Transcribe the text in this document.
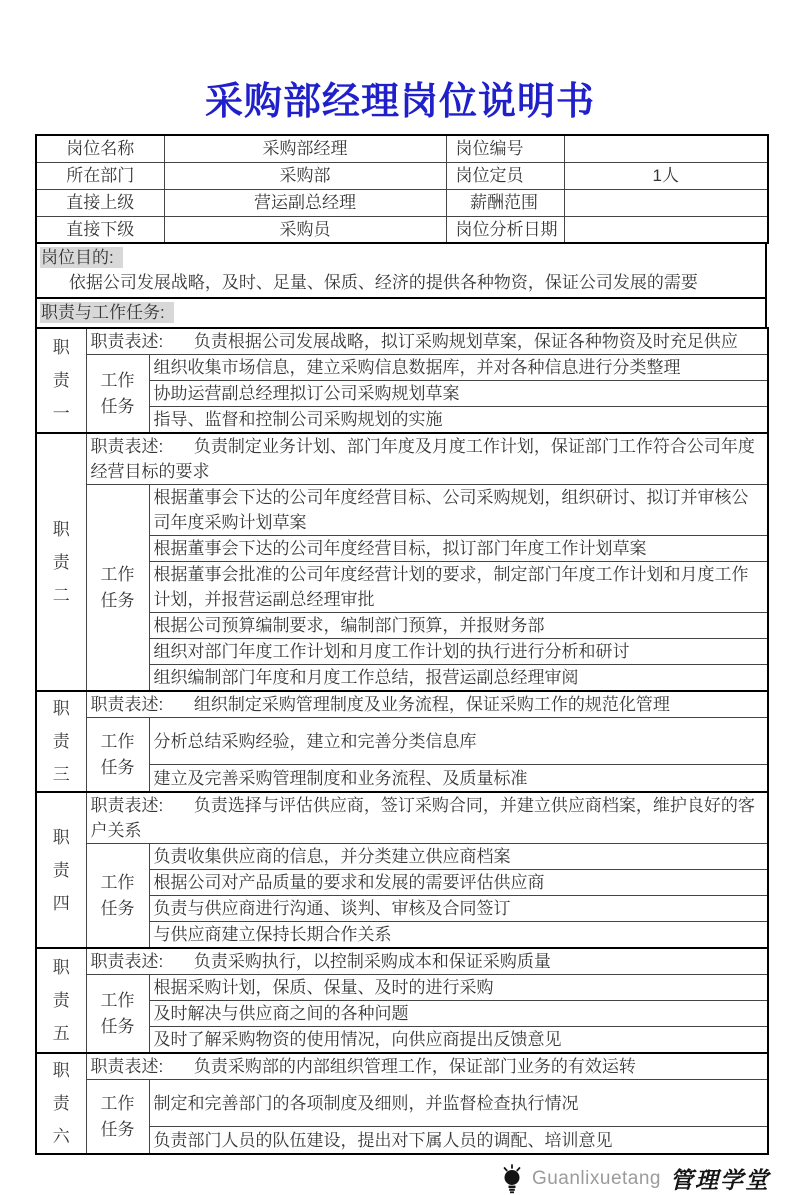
采购部经理岗位说明书
岗位名称	采购部经理	岗位编号	
所在部门	采购部	岗位定员	1人
直接上级	营运副总经理	薪酬范围	
直接下级	采购员	岗位分析日期	
岗位目的:
依据公司发展战略，及时、足量、保质、经济的提供各种物资，保证公司发展的需要
职责与工作任务:
职责一	职责表述: 负责根据公司发展战略，拟订采购规划草案，保证各种物资及时充足供应	

	工作任务	组织收集市场信息，建立采购信息数据库，并对各种信息进行分类整理
		协助运营副总经理拟订公司采购规划草案
		指导、监督和控制公司采购规划的实施

职责二	职责表述: 负责制定业务计划、部门年度及月度工作计划，保证部门工作符合公司年度经营目标的要求	

	工作任务	根据董事会下达的公司年度经营目标、公司采购规划，组织研讨、拟订并审核公司年度采购计划草案
		根据董事会下达的公司年度经营目标，拟订部门年度工作计划草案
		根据董事会批准的公司年度经营计划的要求，制定部门年度工作计划和月度工作计划，并报营运副总经理审批
		根据公司预算编制要求，编制部门预算，并报财务部
		组织对部门年度工作计划和月度工作计划的执行进行分析和研讨
		组织编制部门年度和月度工作总结，报营运副总经理审阅

职责三	职责表述: 组织制定采购管理制度及业务流程，保证采购工作的规范化管理	

	工作任务	分析总结采购经验，建立和完善分类信息库
		建立及完善采购管理制度和业务流程、及质量标准

职责四	职责表述: 负责选择与评估供应商，签订采购合同，并建立供应商档案，维护良好的客户关系	

	工作任务	负责收集供应商的信息，并分类建立供应商档案
		根据公司对产品质量的要求和发展的需要评估供应商
		负责与供应商进行沟通、谈判、审核及合同签订
		与供应商建立保持长期合作关系

职责五	职责表述: 负责采购执行，以控制采购成本和保证采购质量	

	工作任务	根据采购计划，保质、保量、及时的进行采购
		及时解决与供应商之间的各种问题
		及时了解采购物资的使用情况，向供应商提出反馈意见

职责六	职责表述: 负责采购部的内部组织管理工作，保证部门业务的有效运转	

	工作任务	制定和完善部门的各项制度及细则，并监督检查执行情况
		负责部门人员的队伍建设，提出对下属人员的调配、培训意见
Guanlixuetang 管理学堂
